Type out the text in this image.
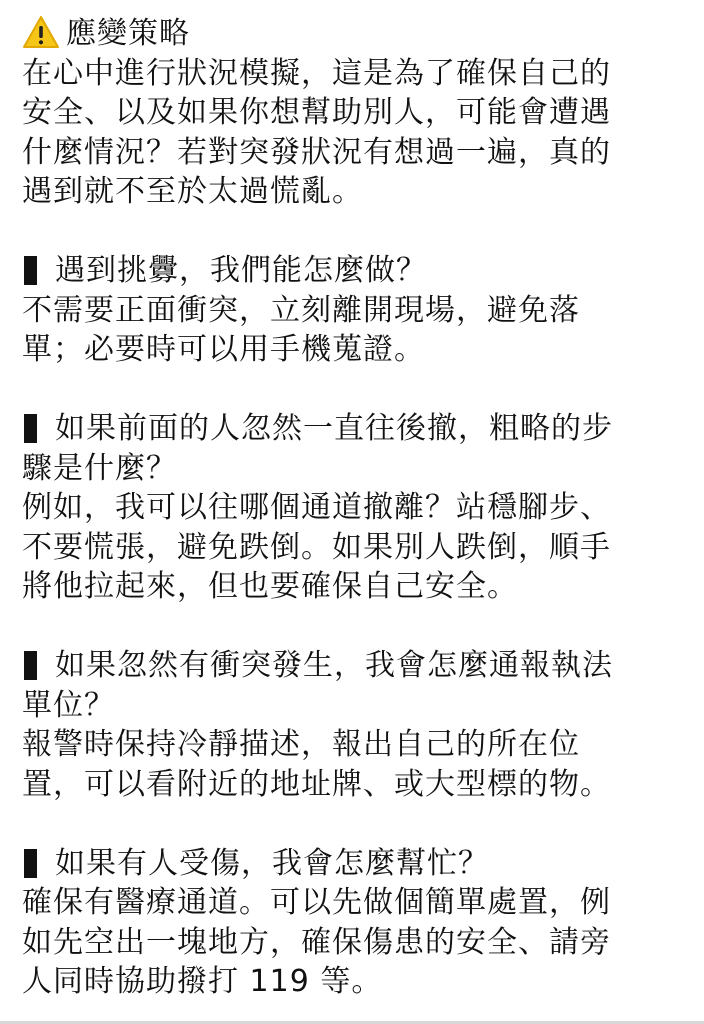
應變策略
在心中進行狀況模擬，這是為了確保自己的
安全、以及如果你想幫助別人，可能會遭遇
什麼情況？若對突發狀況有想過一遍，真的
遇到就不至於太過慌亂。
遇到挑釁，我們能怎麼做？
不需要正面衝突，立刻離開現場，避免落
單；必要時可以用手機蒐證。
如果前面的人忽然一直往後撤，粗略的步
驟是什麼？
例如，我可以往哪個通道撤離？站穩腳步、
不要慌張，避免跌倒。如果別人跌倒，順手
將他拉起來，但也要確保自己安全。
如果忽然有衝突發生，我會怎麼通報執法
單位？
報警時保持冷靜描述，報出自己的所在位
置，可以看附近的地址牌、或大型標的物。
如果有人受傷，我會怎麼幫忙？
確保有醫療通道。可以先做個簡單處置，例
如先空出一塊地方，確保傷患的安全、請旁
人同時協助撥打 119 等。
